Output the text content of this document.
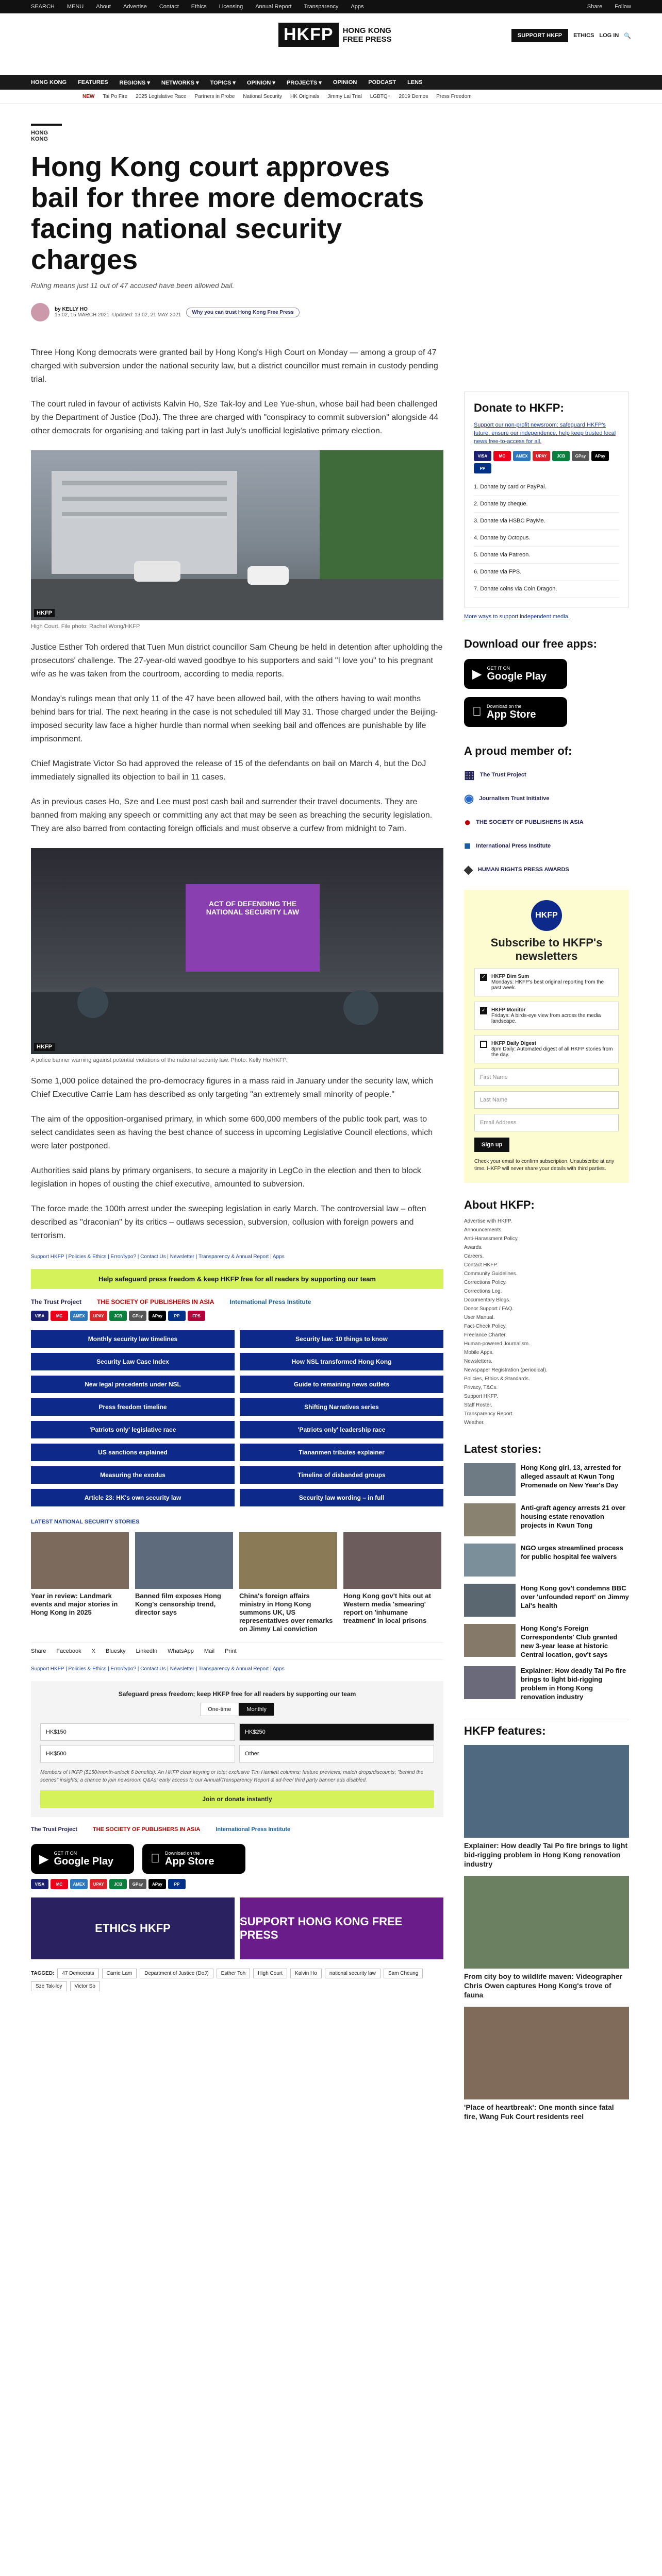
SEARCH MENU About Advertise Contact Ethics Licensing Annual Report Transparency Apps	Share Follow
HKFP	HONG KONG
FREE PRESS	SUPPORT HKFP	ETHICS LOG IN 🔍
HONG KONG FEATURES REGIONS ▾ NETWORKS ▾ TOPICS ▾ OPINION ▾ PROJECTS ▾ OPINION PODCAST LENS
NEW Tai Po Fire 2025 Legislative Race Partners in Probe National Security HK Originals Jimmy Lai Trial LGBTQ+ 2019 Demos Press Freedom
HONG KONG
Hong Kong court approves bail for three more democrats facing national security charges
Ruling means just 11 out of 47 accused have been allowed bail.
by KELLY HO
15:02, 15 MARCH 2021 Updated: 13:02, 21 MAY 2021	Why you can trust Hong Kong Free Press
Three Hong Kong democrats were granted bail by Hong Kong's High Court on Monday — among a group of 47 charged with subversion under the national security law, but a district councillor must remain in custody pending trial.
The court ruled in favour of activists Kalvin Ho, Sze Tak-loy and Lee Yue-shun, whose bail had been challenged by the Department of Justice (DoJ). The three are charged with "conspiracy to commit subversion" alongside 44 other democrats for organising and taking part in last July's unofficial legislative primary election.
HKFP
High Court. File photo: Rachel Wong/HKFP.
Justice Esther Toh ordered that Tuen Mun district councillor Sam Cheung be held in detention after upholding the prosecutors' challenge. The 27-year-old waved goodbye to his supporters and said "I love you" to his pregnant wife as he was taken from the courtroom, according to media reports.
Monday's rulings mean that only 11 of the 47 have been allowed bail, with the others having to wait months behind bars for trial. The next hearing in the case is not scheduled till May 31. Those charged under the Beijing-imposed security law face a higher hurdle than normal when seeking bail and offences are punishable by life imprisonment.
Chief Magistrate Victor So had approved the release of 15 of the defendants on bail on March 4, but the DoJ immediately signalled its objection to bail in 11 cases.
As in previous cases Ho, Sze and Lee must post cash bail and surrender their travel documents. They are banned from making any speech or committing any act that may be seen as breaching the security legislation. They are also barred from contacting foreign officials and must observe a curfew from midnight to 7am.
ACT OF DEFENDING THE NATIONAL SECURITY LAW
HKFP
A police banner warning against potential violations of the national security law. Photo: Kelly Ho/HKFP.
Some 1,000 police detained the pro-democracy figures in a mass raid in January under the security law, which Chief Executive Carrie Lam has described as only targeting "an extremely small minority of people."
The aim of the opposition-organised primary, in which some 600,000 members of the public took part, was to select candidates seen as having the best chance of success in upcoming Legislative Council elections, which were later postponed.
Authorities said plans by primary organisers, to secure a majority in LegCo in the election and then to block legislation in hopes of ousting the chief executive, amounted to subversion.
The force made the 100th arrest under the sweeping legislation in early March. The controversial law – often described as "draconian" by its critics – outlaws secession, subversion, collusion with foreign powers and terrorism.
Support HKFP | Policies & Ethics | Error/typo? | Contact Us | Newsletter | Transparency & Annual Report | Apps
Help safeguard press freedom & keep HKFP free for all readers by supporting our team
The Trust Project	THE SOCIETY OF PUBLISHERS IN ASIA	International Press Institute
VISA	MC	AMEX	UPAY	JCB	GPay	APay	PP	FPS
Monthly security law timelines	Security law: 10 things to know
Security Law Case Index	How NSL transformed Hong Kong
New legal precedents under NSL	Guide to remaining news outlets
Press freedom timeline	Shifting Narratives series
'Patriots only' legislative race	'Patriots only' leadership race
US sanctions explained	Tiananmen tributes explainer
Measuring the exodus	Timeline of disbanded groups
Article 23: HK's own security law	Security law wording – in full
LATEST NATIONAL SECURITY STORIES
Year in review: Landmark events and major stories in Hong Kong in 2025
Banned film exposes Hong Kong's censorship trend, director says
China's foreign affairs ministry in Hong Kong summons UK, US representatives over remarks on Jimmy Lai conviction
Hong Kong gov't hits out at Western media 'smearing' report on 'inhumane treatment' in local prisons
Share Facebook X Bluesky LinkedIn WhatsApp Mail Print
Support HKFP | Policies & Ethics | Error/typo? | Contact Us | Newsletter | Transparency & Annual Report | Apps
Safeguard press freedom; keep HKFP free for all readers by supporting our team
One-time	Monthly
HK$150	HK$250
HK$500	Other
Members of HKFP ($150/month-unlock 6 benefits): An HKFP clear keyring or tote; exclusive Tim Hamlett columns; feature previews; match drops/discounts; "behind the scenes" insights; a chance to join newsroom Q&As; early access to our Annual/Transparency Report & ad-free/ third party banner ads disabled.
Join or donate instantly
The Trust Project	THE SOCIETY OF PUBLISHERS IN ASIA	International Press Institute
▶ GET IT ON
Google Play
Download on the
App Store
VISA	MC	AMEX	UPAY	JCB	GPay	APay	PP
ETHICS HKFP
SUPPORT HONG KONG FREE PRESS
TAGGED:	47 Democrats	Carrie Lam	Department of Justice (DoJ)	Esther Toh	High Court	Kalvin Ho	national security law	Sam Cheung
Sze Tak-loy	Victor So
Donate to HKFP:
Support our non-profit newsroom: safeguard HKFP's future, ensure our independence, help keep trusted local news free-to-access for all.
VISA	MC	AMEX	UPAY	JCB	GPay	APay
PP
1. Donate by card or PayPal.
2. Donate by cheque.
3. Donate via HSBC PayMe.
4. Donate by Octopus.
5. Donate via Patreon.
6. Donate via FPS.
7. Donate coins via Coin Dragon.
More ways to support independent media.
Download our free apps:
▶ GET IT ON
Google Play
Download on the
App Store
A proud member of:
▦ The Trust Project
◉ Journalism Trust Initiative
● THE SOCIETY OF PUBLISHERS IN ASIA
■ International Press Institute
◆ HUMAN RIGHTS PRESS AWARDS
HKFP
Subscribe to HKFP's newsletters
✓ HKFP Dim Sum
Mondays: HKFP's best original reporting from the past week.
✓ HKFP Monitor
Fridays: A birds-eye view from across the media landscape.
HKFP Daily Digest
8pm Daily: Automated digest of all HKFP stories from the day.
First Name
Last Name
Email Address
Sign up
Check your email to confirm subscription. Unsubscribe at any time. HKFP will never share your details with third parties.
About HKFP:
Advertise with HKFP.
Announcements.
Anti-Harassment Policy.
Awards.
Careers.
Contact HKFP.
Community Guidelines.
Corrections Policy.
Corrections Log.
Documentary Blogs.
Donor Support / FAQ.
User Manual.
Fact-Check Policy.
Freelance Charter.
Human-powered Journalism.
Mobile Apps.
Newsletters.
Newspaper Registration (periodical).
Policies, Ethics & Standards.
Privacy, T&Cs.
Support HKFP.
Staff Roster.
Transparency Report.
Weather.
Latest stories:
Hong Kong girl, 13, arrested for alleged assault at Kwun Tong Promenade on New Year's Day
Anti-graft agency arrests 21 over housing estate renovation projects in Kwun Tong
NGO urges streamlined process for public hospital fee waivers
Hong Kong gov't condemns BBC over 'unfounded report' on Jimmy Lai's health
Hong Kong's Foreign Correspondents' Club granted new 3-year lease at historic Central location, gov't says
Explainer: How deadly Tai Po fire brings to light bid-rigging problem in Hong Kong renovation industry
HKFP features:
Explainer: How deadly Tai Po fire brings to light bid-rigging problem in Hong Kong renovation industry
From city boy to wildlife maven: Videographer Chris Owen captures Hong Kong's trove of fauna
'Place of heartbreak': One month since fatal fire, Wang Fuk Court residents reel
